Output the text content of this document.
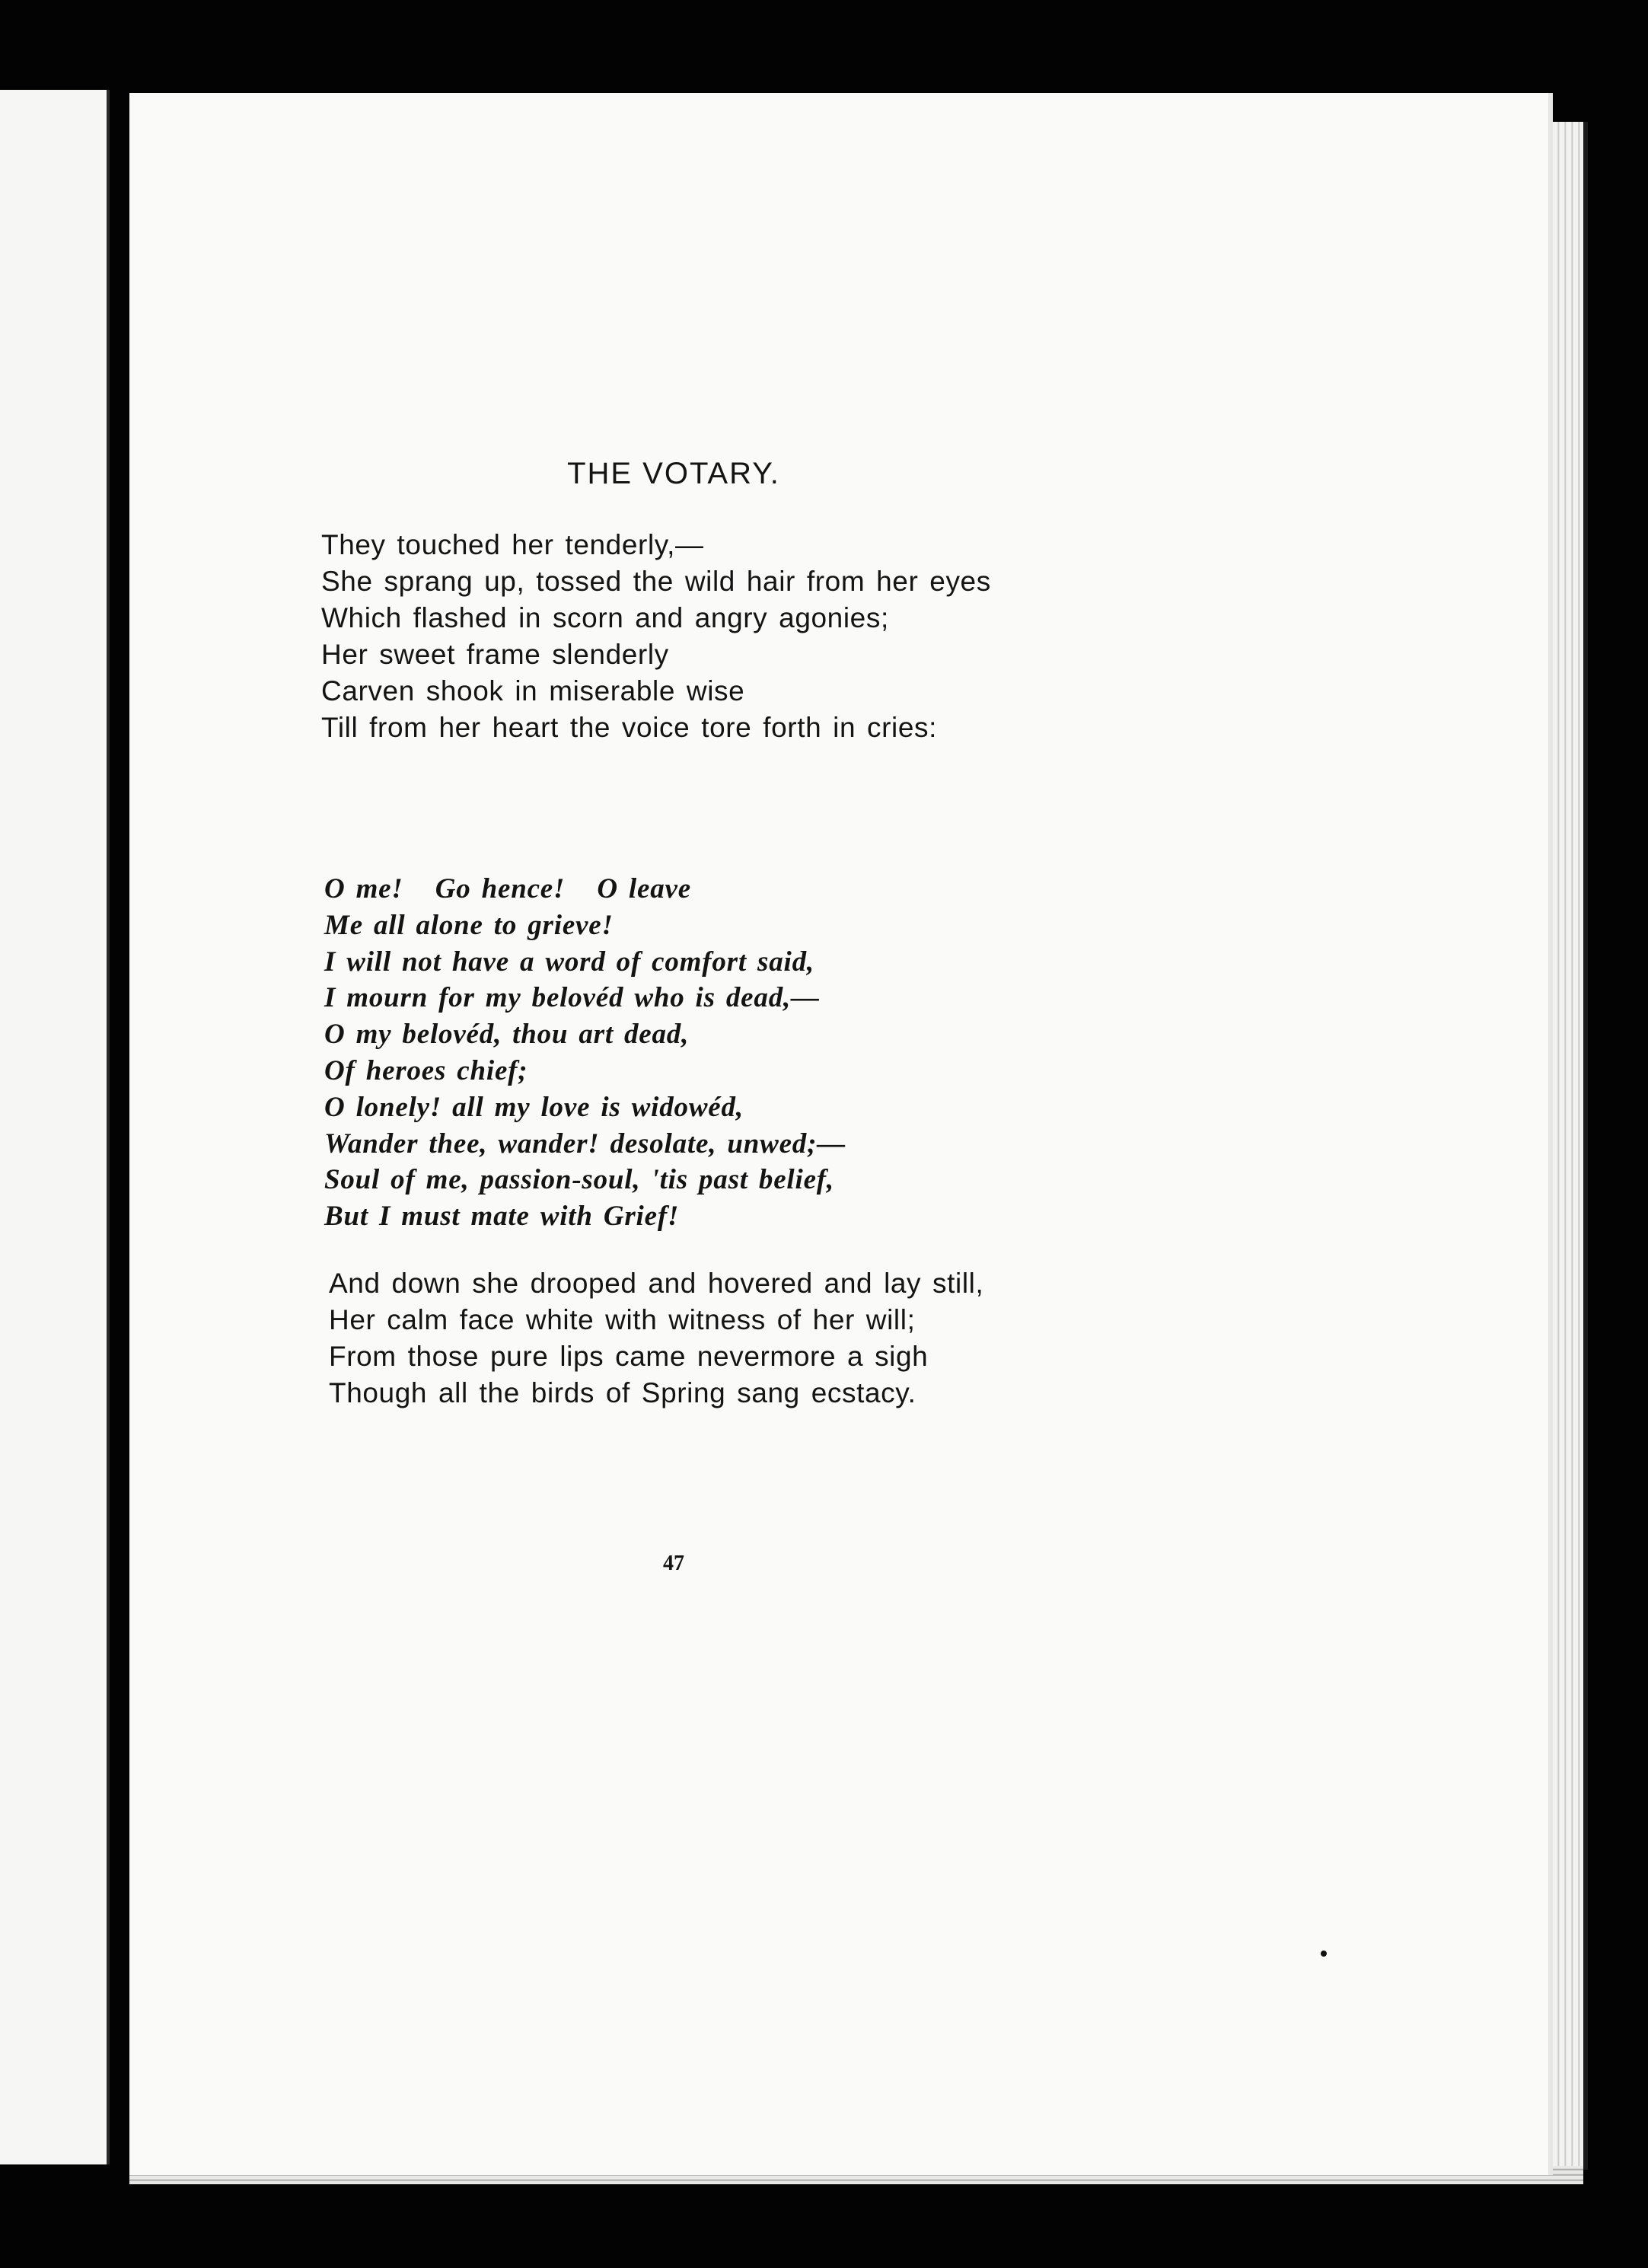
THE VOTARY.
They touched her tenderly,—
She sprang up, tossed the wild hair from her eyes
Which flashed in scorn and angry agonies;
Her sweet frame slenderly
Carven shook in miserable wise
Till from her heart the voice tore forth in cries:
O me!   Go hence!   O leave
Me all alone to grieve!
I will not have a word of comfort said,
I mourn for my belovéd who is dead,—
O my belovéd, thou art dead,
Of heroes chief;
O lonely! all my love is widowéd,
Wander thee, wander! desolate, unwed;—
Soul of me, passion-soul, 'tis past belief,
But I must mate with Grief!
And down she drooped and hovered and lay still,
Her calm face white with witness of her will;
From those pure lips came nevermore a sigh
Though all the birds of Spring sang ecstacy.
47
